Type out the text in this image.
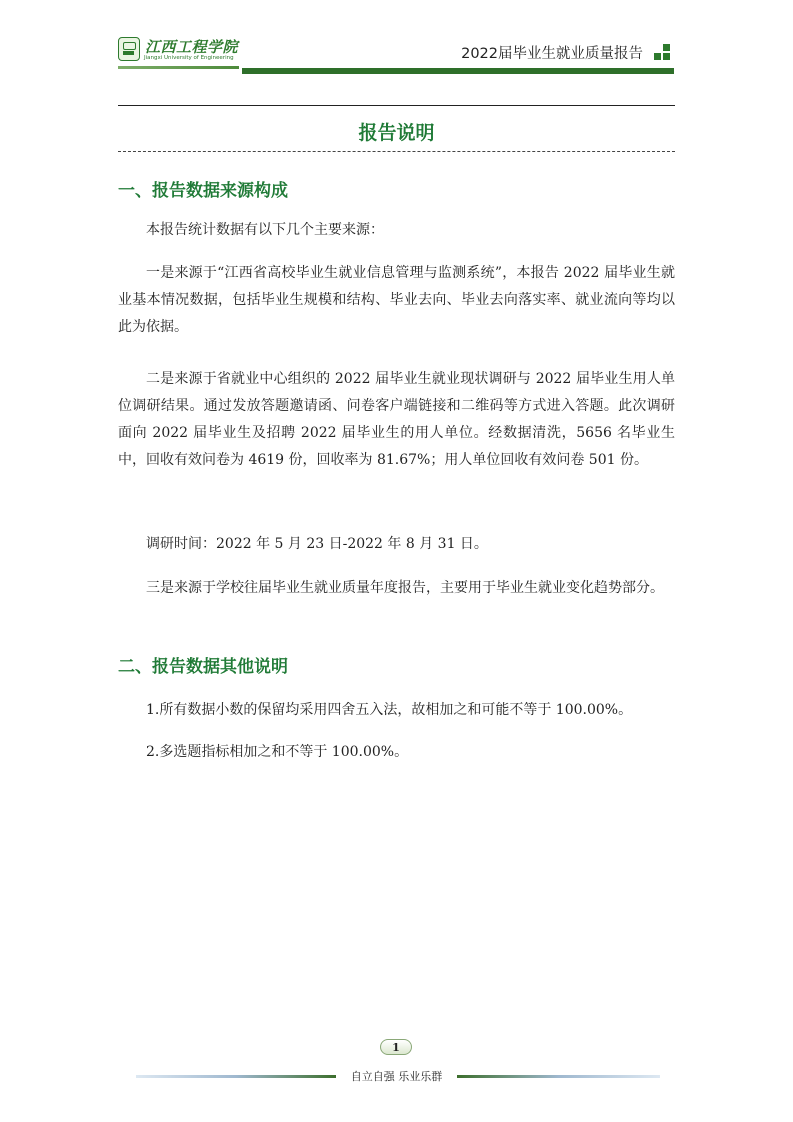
江西工程学院
Jiangxi University of Engineering	2022届毕业生就业质量报告
报告说明
一、报告数据来源构成

本报告统计数据有以下几个主要来源：

一是来源于“江西省高校毕业生就业信息管理与监测系统”，本报告 2022 届毕业生就业基本情况数据，包括毕业生规模和结构、毕业去向、毕业去向落实率、就业流向等均以此为依据。

二是来源于省就业中心组织的 2022 届毕业生就业现状调研与 2022 届毕业生用人单位调研结果。通过发放答题邀请函、问卷客户端链接和二维码等方式进入答题。此次调研面向 2022 届毕业生及招聘 2022 届毕业生的用人单位。经数据清洗，5656 名毕业生中，回收有效问卷为 4619 份，回收率为 81.67%；用人单位回收有效问卷 501 份。

调研时间：2022 年 5 月 23 日-2022 年 8 月 31 日。

三是来源于学校往届毕业生就业质量年度报告，主要用于毕业生就业变化趋势部分。

二、报告数据其他说明

1.所有数据小数的保留均采用四舍五入法，故相加之和可能不等于 100.00%。

2.多选题指标相加之和不等于 100.00%。

1
自立自强 乐业乐群
